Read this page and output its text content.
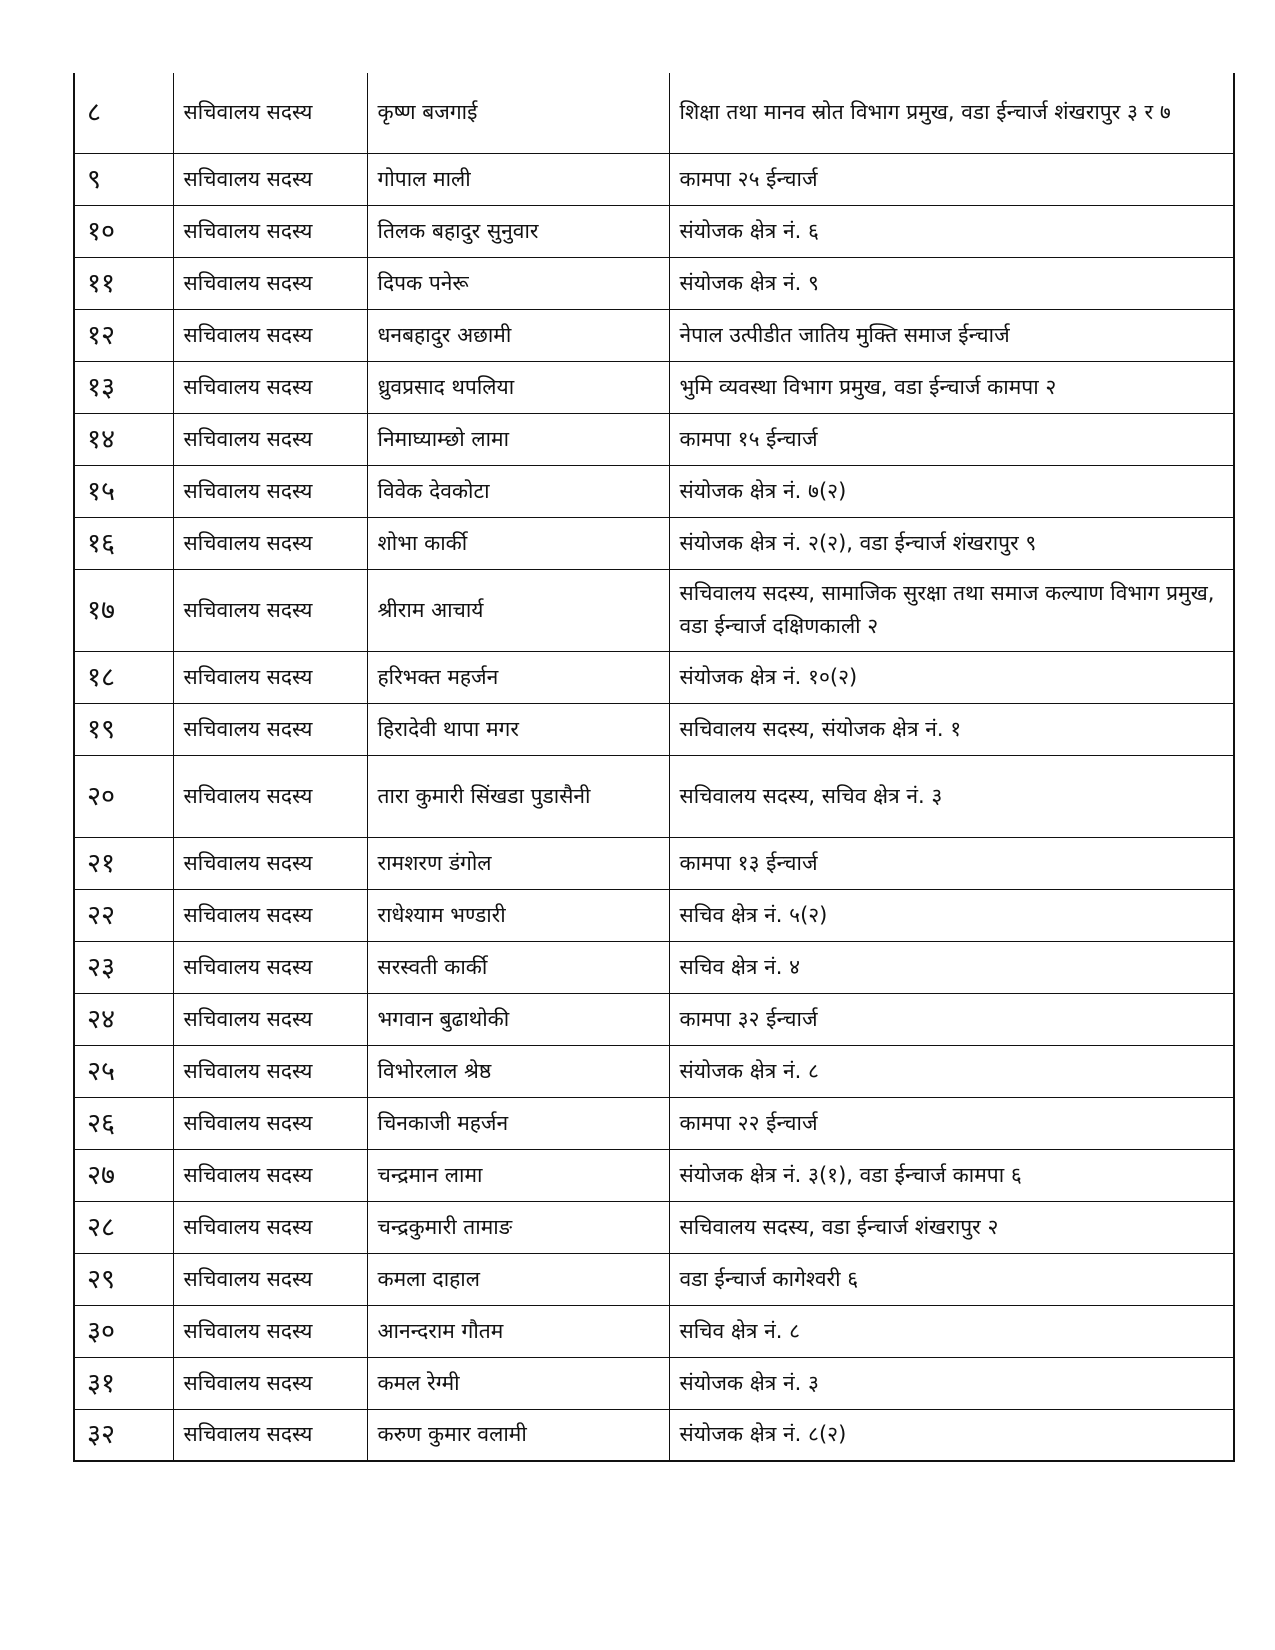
८	सचिवालय सदस्य	कृष्ण बजगाई	शिक्षा तथा मानव स्रोत विभाग प्रमुख, वडा ईन्चार्ज शंखरापुर ३ र ७
९	सचिवालय सदस्य	गोपाल माली	कामपा २५ ईन्चार्ज
१०	सचिवालय सदस्य	तिलक बहादुर सुनुवार	संयोजक क्षेत्र नं. ६
११	सचिवालय सदस्य	दिपक पनेरू	संयोजक क्षेत्र नं. ९
१२	सचिवालय सदस्य	धनबहादुर अछामी	नेपाल उत्पीडीत जातिय मुक्ति समाज ईन्चार्ज
१३	सचिवालय सदस्य	ध्रुवप्रसाद थपलिया	भुमि व्यवस्था विभाग प्रमुख, वडा ईन्चार्ज कामपा २
१४	सचिवालय सदस्य	निमाघ्याम्छो लामा	कामपा १५ ईन्चार्ज
१५	सचिवालय सदस्य	विवेक देवकोटा	संयोजक क्षेत्र नं. ७(२)
१६	सचिवालय सदस्य	शोभा कार्की	संयोजक क्षेत्र नं. २(२), वडा ईन्चार्ज शंखरापुर ९
१७	सचिवालय सदस्य	श्रीराम आचार्य	सचिवालय सदस्य, सामाजिक सुरक्षा तथा समाज कल्याण विभाग प्रमुख, वडा ईन्चार्ज दक्षिणकाली २
१८	सचिवालय सदस्य	हरिभक्त महर्जन	संयोजक क्षेत्र नं. १०(२)
१९	सचिवालय सदस्य	हिरादेवी थापा मगर	सचिवालय सदस्य, संयोजक क्षेत्र नं. १
२०	सचिवालय सदस्य	तारा कुमारी सिंखडा पुडासैनी	सचिवालय सदस्य, सचिव क्षेत्र नं. ३
२१	सचिवालय सदस्य	रामशरण डंगोल	कामपा १३ ईन्चार्ज
२२	सचिवालय सदस्य	राधेश्याम भण्डारी	सचिव क्षेत्र नं. ५(२)
२३	सचिवालय सदस्य	सरस्वती कार्की	सचिव क्षेत्र नं. ४
२४	सचिवालय सदस्य	भगवान बुढाथोकी	कामपा ३२ ईन्चार्ज
२५	सचिवालय सदस्य	विभोरलाल श्रेष्ठ	संयोजक क्षेत्र नं. ८
२६	सचिवालय सदस्य	चिनकाजी महर्जन	कामपा २२ ईन्चार्ज
२७	सचिवालय सदस्य	चन्द्रमान लामा	संयोजक क्षेत्र नं. ३(१), वडा ईन्चार्ज कामपा ६
२८	सचिवालय सदस्य	चन्द्रकुमारी तामाङ	सचिवालय सदस्य, वडा ईन्चार्ज शंखरापुर २
२९	सचिवालय सदस्य	कमला दाहाल	वडा ईन्चार्ज कागेश्वरी ६
३०	सचिवालय सदस्य	आनन्दराम गौतम	सचिव क्षेत्र नं. ८
३१	सचिवालय सदस्य	कमल रेग्मी	संयोजक क्षेत्र नं. ३
३२	सचिवालय सदस्य	करुण कुमार वलामी	संयोजक क्षेत्र नं. ८(२)
